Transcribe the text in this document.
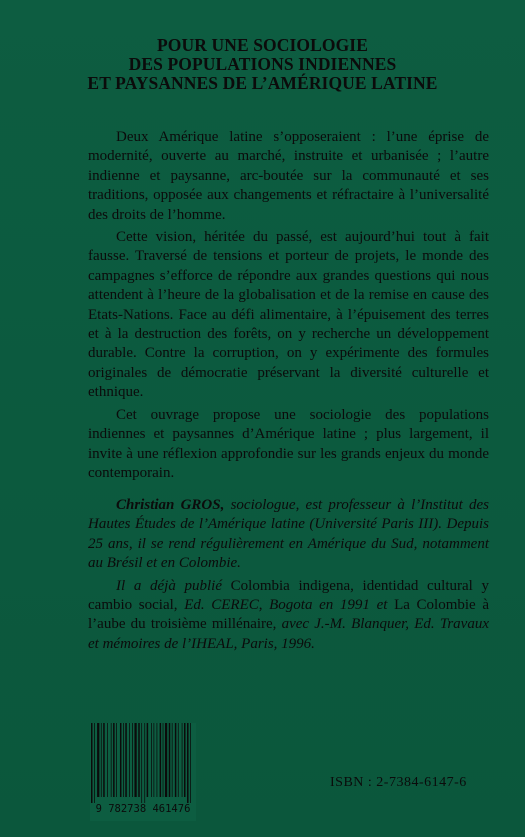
POUR UNE SOCIOLOGIE
DES POPULATIONS INDIENNES
ET PAYSANNES DE L’AMÉRIQUE LATINE

Deux Amérique latine s’opposeraient : l’une éprise de modernité, ouverte au marché, instruite et urbanisée ; l’autre indienne et paysanne, arc-boutée sur la communauté et ses traditions, opposée aux changements et réfractaire à l’universalité des droits de l’homme.

Cette vision, héritée du passé, est aujourd’hui tout à fait fausse. Traversé de tensions et porteur de projets, le monde des campagnes s’efforce de répondre aux grandes questions qui nous attendent à l’heure de la globalisation et de la remise en cause des Etats-Nations. Face au défi alimentaire, à l’épuisement des terres et à la destruction des forêts, on y recherche un développement durable. Contre la corruption, on y expérimente des formules originales de démocratie préservant la diversité culturelle et ethnique.

Cet ouvrage propose une sociologie des populations indiennes et paysannes d’Amérique latine ; plus largement, il invite à une réflexion approfondie sur les grands enjeux du monde contemporain.

Christian GROS, sociologue, est professeur à l’Institut des Hautes Études de l’Amérique latine (Université Paris III). Depuis 25 ans, il se rend régulièrement en Amérique du Sud, notamment au Brésil et en Colombie.

Il a déjà publié Colombia indigena, identidad cultural y cambio social, Ed. CEREC, Bogota en 1991 et La Colombie à l’aube du troisième millénaire, avec J.-M. Blanquer, Ed. Travaux et mémoires de l’IHEAL, Paris, 1996.

9 782738 461476
ISBN : 2-7384-6147-6
